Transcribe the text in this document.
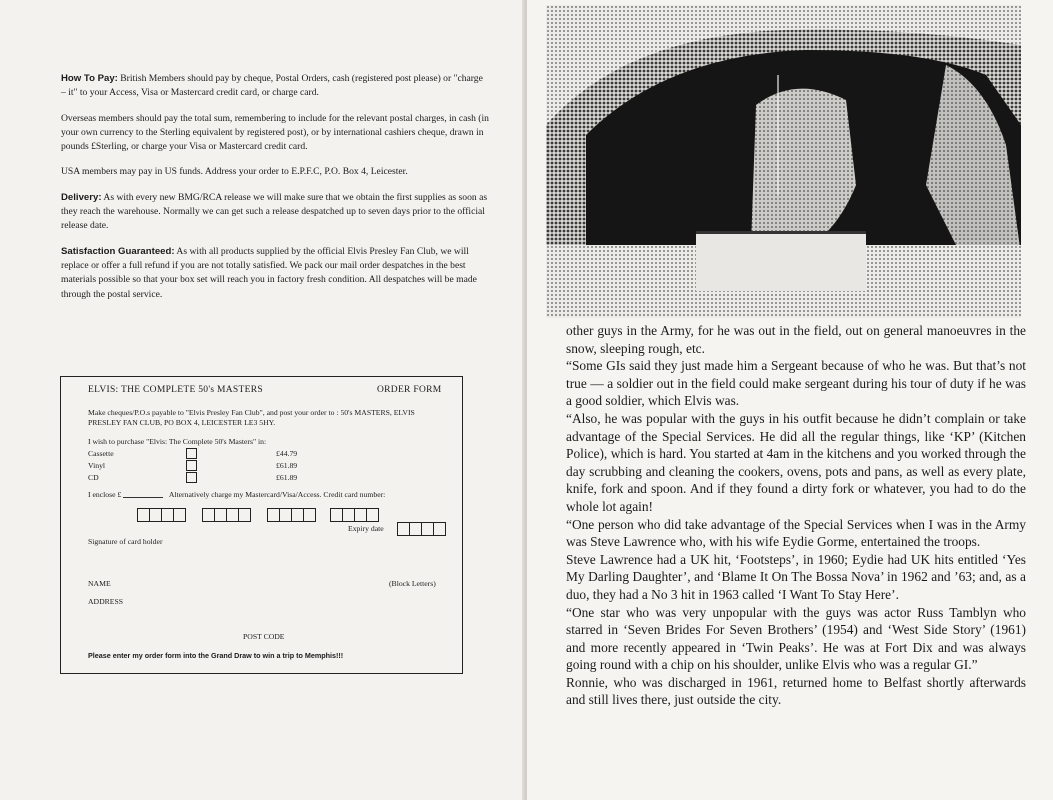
How To Pay: British Members should pay by cheque, Postal Orders, cash (registered post please) or "charge – it" to your Access, Visa or Mastercard credit card, or charge card.

Overseas members should pay the total sum, remembering to include for the relevant postal charges, in cash (in your own currency to the Sterling equivalent by registered post), or by international cashiers cheque, drawn in pounds £Sterling, or charge your Visa or Mastercard credit card.

USA members may pay in US funds. Address your order to E.P.F.C, P.O. Box 4, Leicester.

Delivery: As with every new BMG/RCA release we will make sure that we obtain the first supplies as soon as they reach the warehouse. Normally we can get such a release despatched up to seven days prior to the official release date.

Satisfaction Guaranteed: As with all products supplied by the official Elvis Presley Fan Club, we will replace or offer a full refund if you are not totally satisfied. We pack our mail order despatches in the best materials possible so that your box set will reach you in factory fresh condition. All despatches will be made through the postal service.

ELVIS: THE COMPLETE 50's MASTERS	ORDER FORM
Make cheques/P.O.s payable to "Elvis Presley Fan Club", and post your order to : 50's MASTERS, ELVIS PRESLEY FAN CLUB, PO BOX 4, LEICESTER LE3 5HY.
I wish to purchase "Elvis: The Complete 50's Masters" in:
Cassette	£44.79
Vinyl	£61.89
CD	£61.89
I enclose £	Alternatively charge my Mastercard/Visa/Access. Credit card number:
Expiry date
Signature of card holder
NAME	(Block Letters)
ADDRESS
POST CODE
Please enter my order form into the Grand Draw to win a trip to Memphis!!!

other guys in the Army, for he was out in the field, out on general manoeuvres in the snow, sleeping rough, etc.

“Some GIs said they just made him a Sergeant because of who he was. But that’s not true — a soldier out in the field could make sergeant during his tour of duty if he was a good soldier, which Elvis was.

“Also, he was popular with the guys in his outfit because he didn’t complain or take advantage of the Special Services. He did all the regular things, like ‘KP’ (Kitchen Police), which is hard. You started at 4am in the kitchens and you worked through the day scrubbing and cleaning the cookers, ovens, pots and pans, as well as every plate, knife, fork and spoon. And if they found a dirty fork or whatever, you had to do the whole lot again!

“One person who did take advantage of the Special Services when I was in the Army was Steve Lawrence who, with his wife Eydie Gorme, entertained the troops.

Steve Lawrence had a UK hit, ‘Footsteps’, in 1960; Eydie had UK hits entitled ‘Yes My Darling Daughter’, and ‘Blame It On The Bossa Nova’ in 1962 and ’63; and, as a duo, they had a No 3 hit in 1963 called ‘I Want To Stay Here’.

“One star who was very unpopular with the guys was actor Russ Tamblyn who starred in ‘Seven Brides For Seven Brothers’ (1954) and ‘West Side Story’ (1961) and more recently appeared in ‘Twin Peaks’. He was at Fort Dix and was always going round with a chip on his shoulder, unlike Elvis who was a regular GI.”

Ronnie, who was discharged in 1961, returned home to Belfast shortly afterwards and still lives there, just outside the city.
